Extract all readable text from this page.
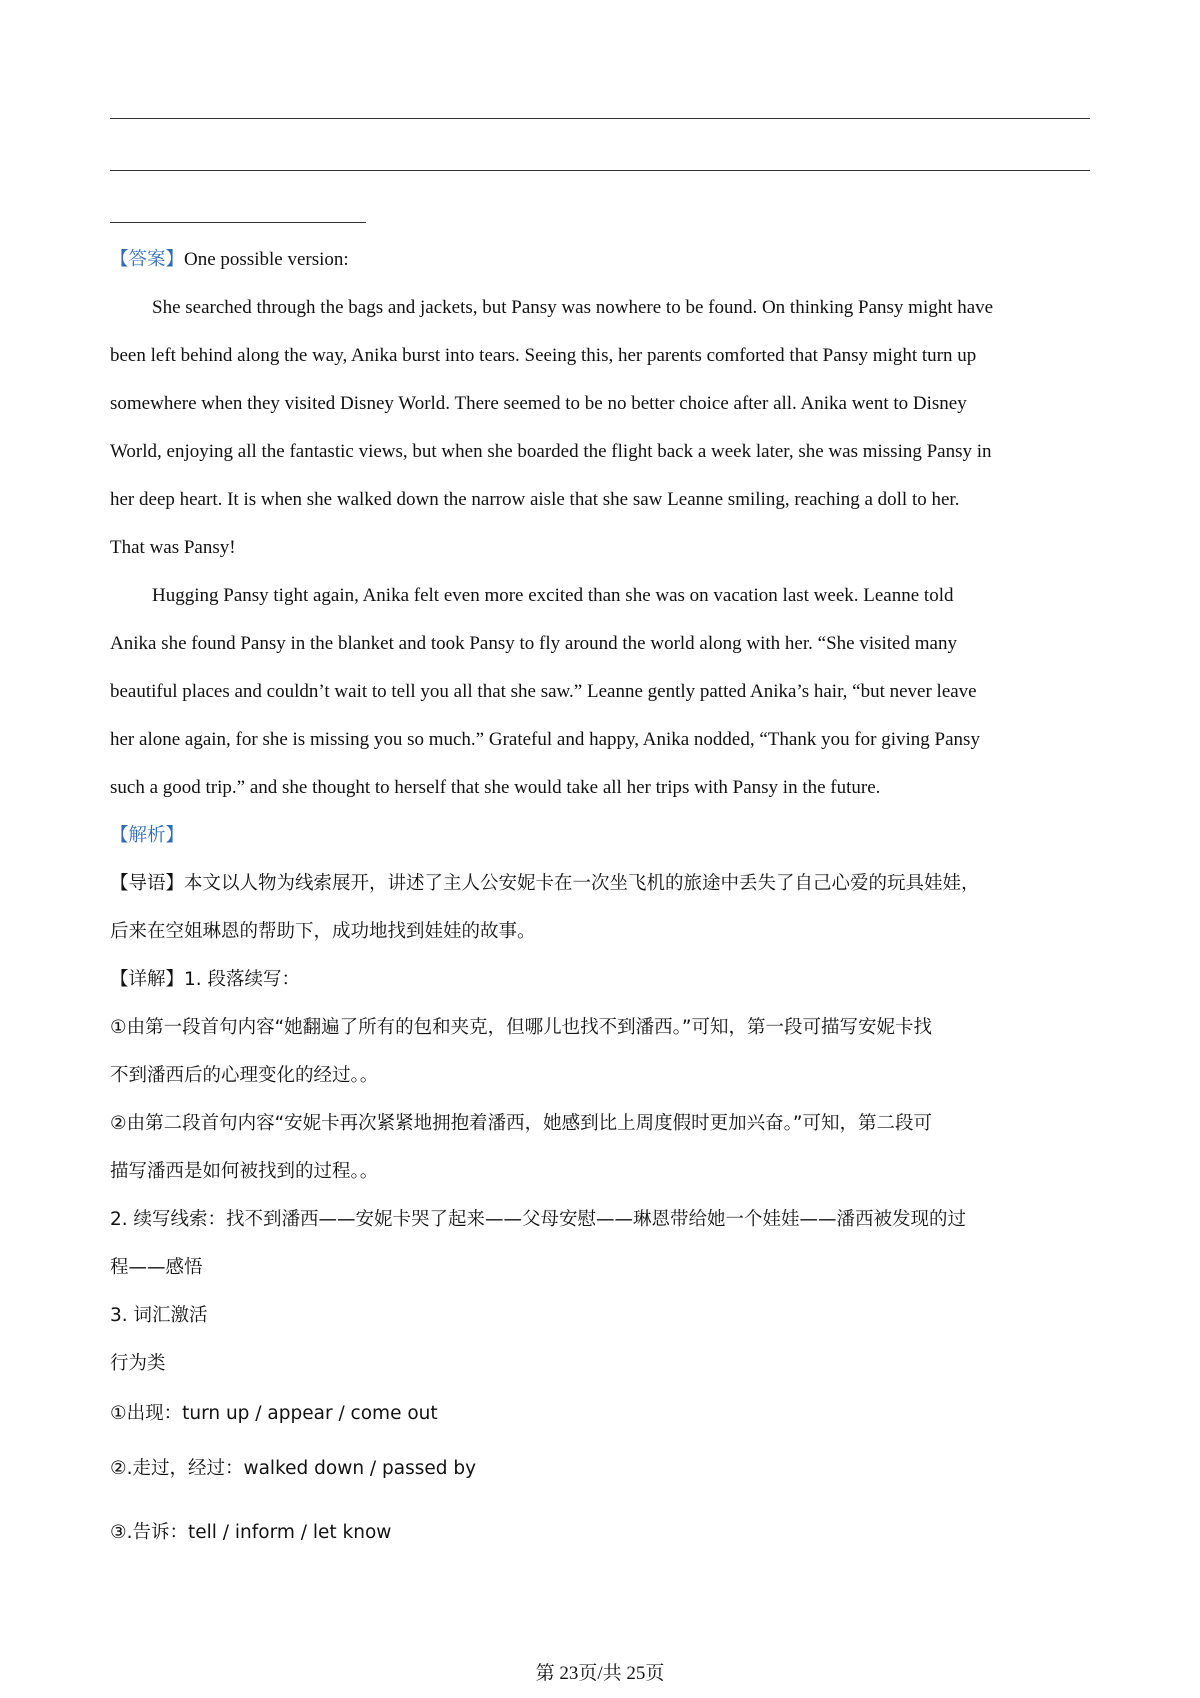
【答案】One possible version:
She searched through the bags and jackets, but Pansy was nowhere to be found. On thinking Pansy might have
been left behind along the way, Anika burst into tears. Seeing this, her parents comforted that Pansy might turn up
somewhere when they visited Disney World. There seemed to be no better choice after all. Anika went to Disney
World, enjoying all the fantastic views, but when she boarded the flight back a week later, she was missing Pansy in
her deep heart. It is when she walked down the narrow aisle that she saw Leanne smiling, reaching a doll to her.
That was Pansy!
Hugging Pansy tight again, Anika felt even more excited than she was on vacation last week. Leanne told
Anika she found Pansy in the blanket and took Pansy to fly around the world along with her. “She visited many
beautiful places and couldn’t wait to tell you all that she saw.” Leanne gently patted Anika’s hair, “but never leave
her alone again, for she is missing you so much.” Grateful and happy, Anika nodded, “Thank you for giving Pansy
such a good trip.” and she thought to herself that she would take all her trips with Pansy in the future.
【解析】
【导语】本文以人物为线索展开，讲述了主人公安妮卡在一次坐飞机的旅途中丢失了自己心爱的玩具娃娃，
后来在空姐琳恩的帮助下，成功地找到娃娃的故事。
【详解】1. 段落续写：
①由第一段首句内容“她翻遍了所有的包和夹克，但哪儿也找不到潘西。”可知，第一段可描写安妮卡找
不到潘西后的心理变化的经过。。
②由第二段首句内容“安妮卡再次紧紧地拥抱着潘西，她感到比上周度假时更加兴奋。”可知，第二段可
描写潘西是如何被找到的过程。。
2. 续写线索：找不到潘西——安妮卡哭了起来——父母安慰——琳恩带给她一个娃娃——潘西被发现的过
程——感悟
3. 词汇激活
行为类
①出现：turn up / appear / come out
②.走过，经过：walked down / passed by
③.告诉：tell / inform / let know
第 23页/共 25页
